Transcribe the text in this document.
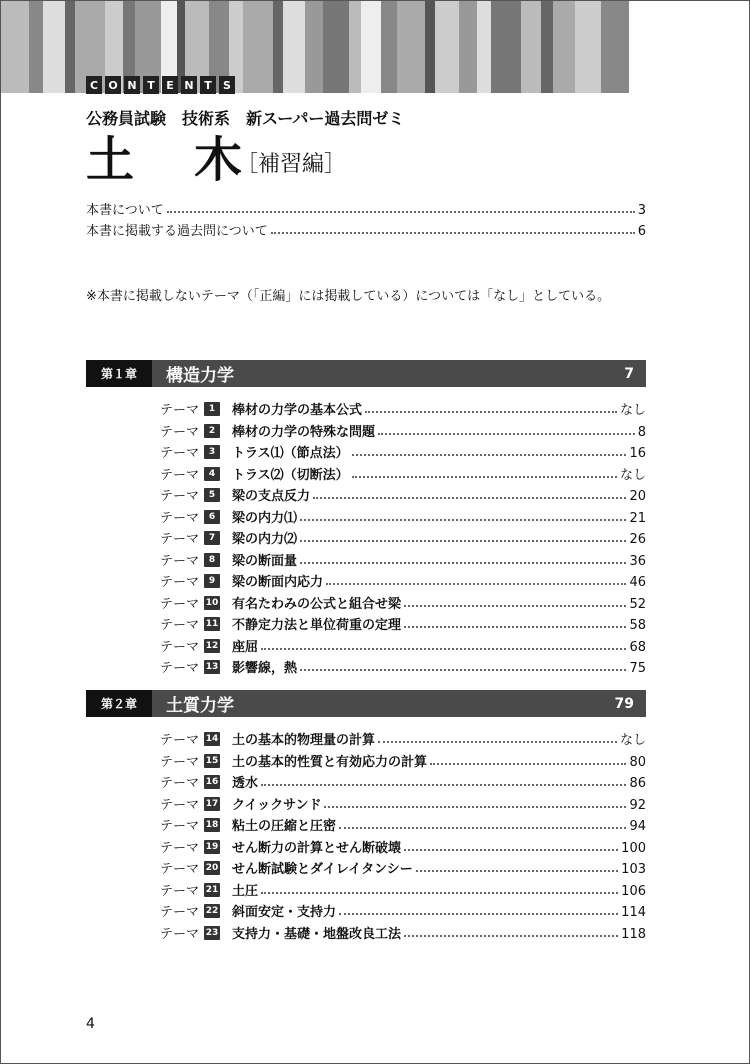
C O N T	E N T	S
公務員試験　技術系　新スーパー過去問ゼミ
土　木
［補習編］
本書について	3
本書に掲載する過去問について	6
※本書に掲載しないテーマ（「正編」には掲載している）については「なし」としている。
第１章	構造力学	7
テーマ	1	棒材の力学の基本公式	なし
テーマ	2	棒材の力学の特殊な問題	8
テーマ	3	トラス⑴（節点法）	16
テーマ	4	トラス⑵（切断法）	なし
テーマ	5	梁の支点反力	20
テーマ	6	梁の内力⑴	21
テーマ	7	梁の内力⑵	26
テーマ	8	梁の断面量	36
テーマ	9	梁の断面内応力	46
テーマ 10 有名たわみの公式と組合せ梁	52
テーマ 11 不静定力法と単位荷重の定理	58
テーマ 12 座屈	68
テーマ 13 影響線，熱	75
第２章	土質力学	79
テーマ 14 土の基本的物理量の計算	なし
テーマ 15 土の基本的性質と有効応力の計算	80
テーマ 16 透水	86
テーマ 17 クイックサンド	92
テーマ 18 粘土の圧縮と圧密	94
テーマ 19 せん断力の計算とせん断破壊	100
テーマ 20 せん断試験とダイレイタンシー	103
テーマ 21 土圧	106
テーマ 22 斜面安定・支持力	114
テーマ 23 支持力・基礎・地盤改良工法	118
4
